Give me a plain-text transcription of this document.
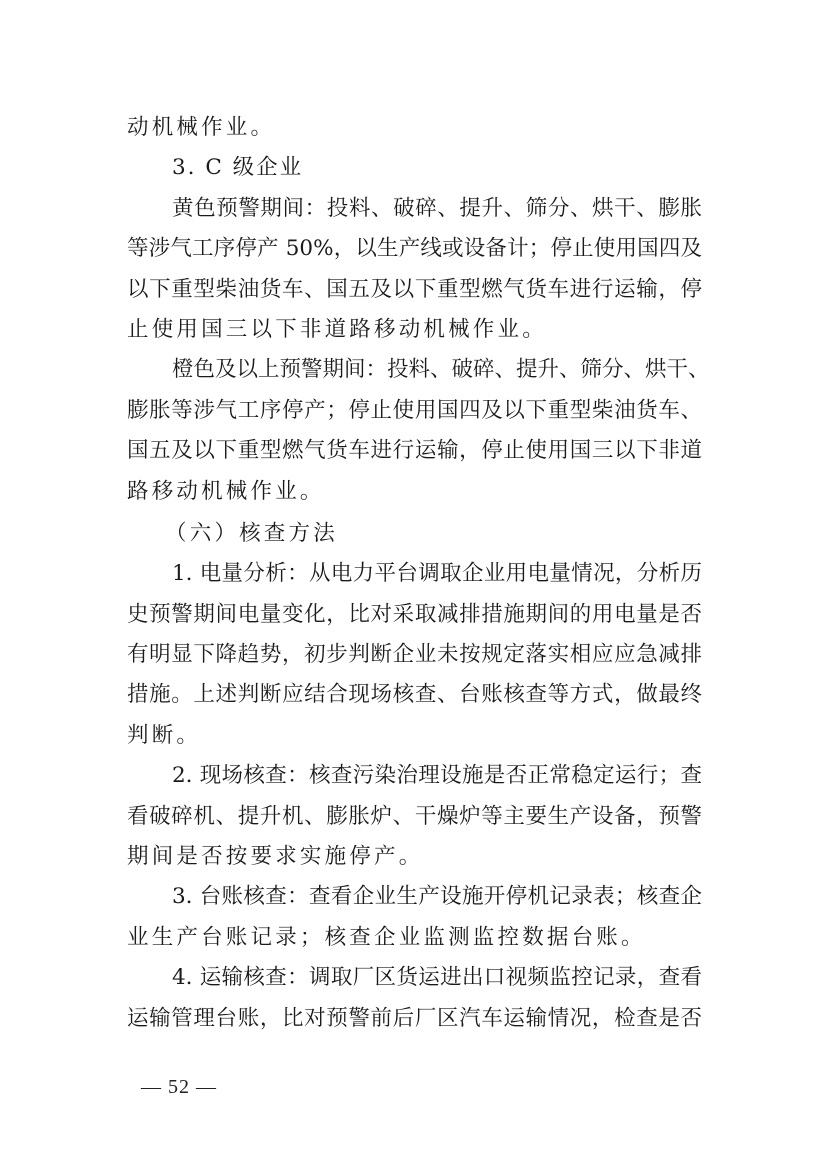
动机械作业。
3. C 级企业
黄色预警期间：投料、破碎、提升、筛分、烘干、膨胀
等涉气工序停产 50%，以生产线或设备计；停止使用国四及
以下重型柴油货车、国五及以下重型燃气货车进行运输，停
止使用国三以下非道路移动机械作业。
橙色及以上预警期间：投料、破碎、提升、筛分、烘干、
膨胀等涉气工序停产；停止使用国四及以下重型柴油货车、
国五及以下重型燃气货车进行运输，停止使用国三以下非道
路移动机械作业。
（六）核查方法
1. 电量分析：从电力平台调取企业用电量情况，分析历
史预警期间电量变化，比对采取减排措施期间的用电量是否
有明显下降趋势，初步判断企业未按规定落实相应应急减排
措施。上述判断应结合现场核查、台账核查等方式，做最终
判断。
2. 现场核查：核查污染治理设施是否正常稳定运行；查
看破碎机、提升机、膨胀炉、干燥炉等主要生产设备，预警
期间是否按要求实施停产。
3. 台账核查：查看企业生产设施开停机记录表；核查企
业生产台账记录；核查企业监测监控数据台账。
4. 运输核查：调取厂区货运进出口视频监控记录，查看
运输管理台账，比对预警前后厂区汽车运输情况，检查是否
— 52 —
